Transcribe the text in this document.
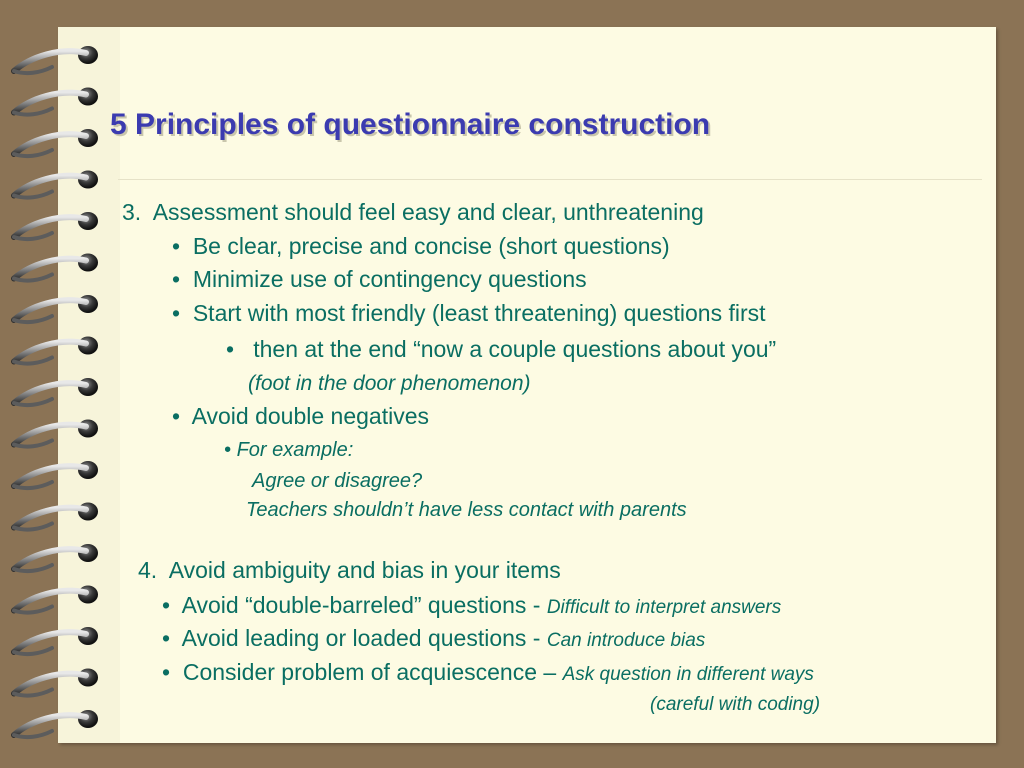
5 Principles of questionnaire construction
3. Assessment should feel easy and clear, unthreatening
•  Be clear, precise and concise (short questions)
•  Minimize use of contingency questions
•  Start with most friendly (least threatening) questions first
•   then at the end “now a couple questions about you”
(foot in the door phenomenon)
•  Avoid double negatives
• For example:
Agree or disagree?
Teachers shouldn’t have less contact with parents
4. Avoid ambiguity and bias in your items
•  Avoid “double-barreled” questions - Difficult to interpret answers
•  Avoid leading or loaded questions - Can introduce bias
•  Consider problem of acquiescence – Ask question in different ways
(careful with coding)
